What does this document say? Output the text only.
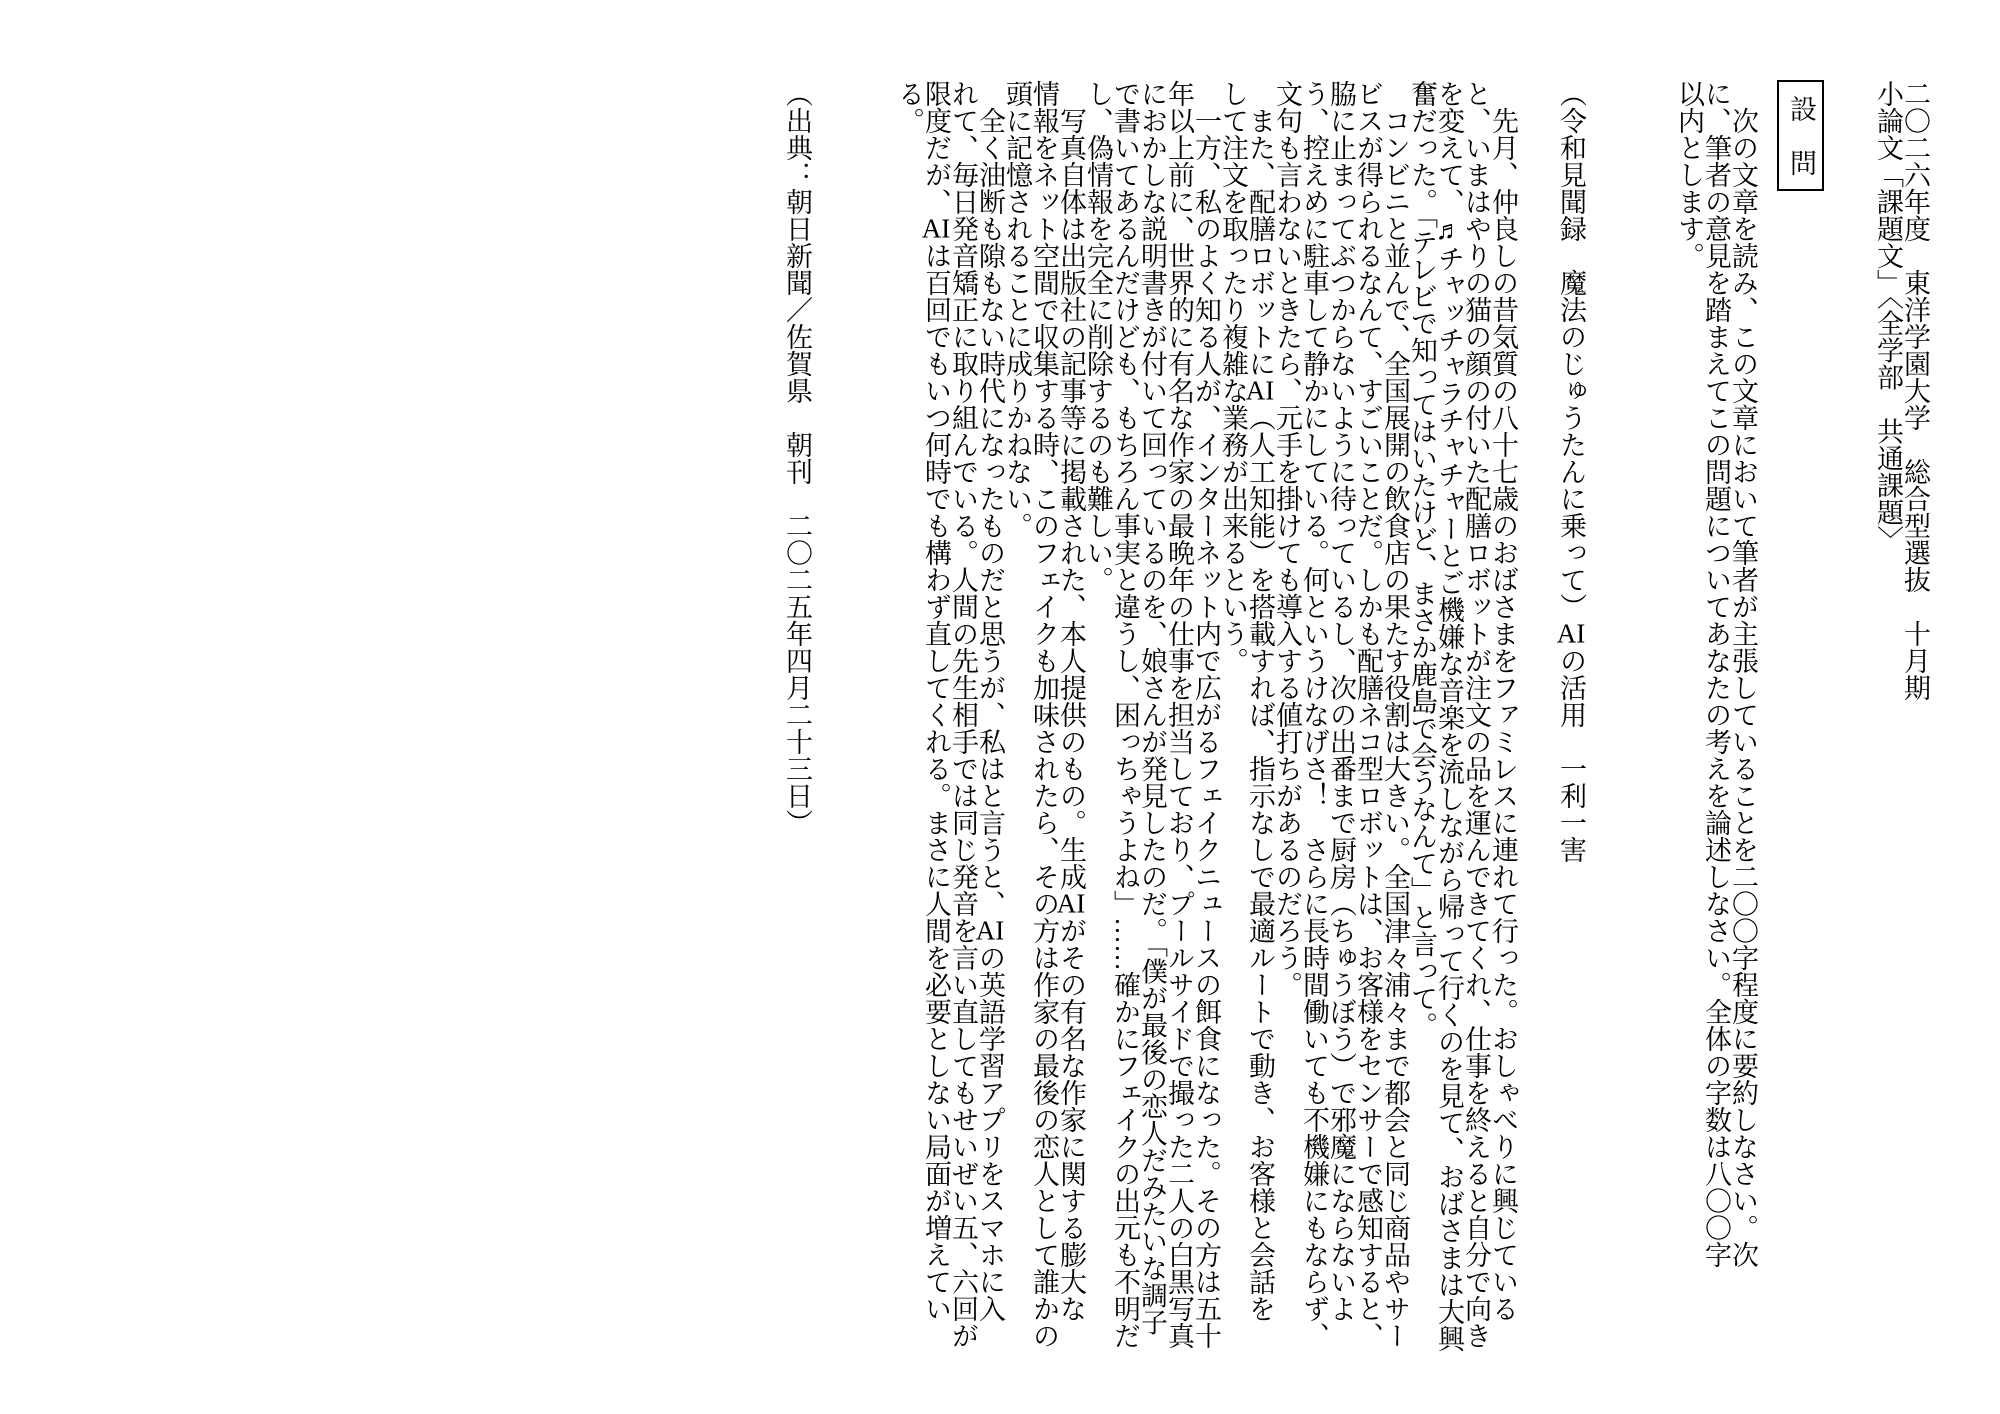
二〇二六年度　東洋学園大学　総合型選抜　十月期

小論文「課題文」〈全学部　共通課題〉

設　問

　次の文章を読み、この文章において筆者が主張していることを二〇〇字程度に要約しなさい。次

に、筆者の意見を踏まえてこの問題についてあなたの考えを論述しなさい。全体の字数は八〇〇字

以内とします。

（令和見聞録　魔法のじゅうたんに乗って）AIの活用　一利一害

　先月、仲良しの昔気質の八十七歳のおばさまをファミレスに連れて行った。おしゃべりに興じている

と、いまはやりの猫の顔の付いた配膳ロボットが注文の品を運んできてくれ、仕事を終えると自分で向き

を変えて、♬チャッチャラチャチャーとご機嫌な音楽を流しながら帰って行くのを見て、おばさまは大興

奮だった。「テレビで知ってはいたけど、まさか鹿島で会うなんて」と言って。

　コンビニと並んで、全国展開の飲食店の果たす役割は大きい。全国津々浦々まで都会と同じ商品やサー

ビスが得られるなんて、すごいことだ。しかも配膳ネコ型ロボットは、お客様をセンサーで感知すると、

脇に止まってぶつからないように待っているし、次の出番まで厨房（ちゅうぼう）で邪魔にならないよ

う、控えめに駐車して静かにしている。何というけなげさ！　さらに長時間働いても不機嫌にもならず、

文句も言わないときたら、元手を掛けても導入する値打ちがあるのだろう。

　また、配膳ロボットにAI（人工知能）を搭載すれば、指示なしで最適ルートで動き、お客様と会話を

して注文を取ったり複雑な業務が出来るという。

　一方、私のよく知る人が、インターネット内で広がるフェイクニュースの餌食になった。その方は五十

年以上前に、世界的に有名な作家の最晩年の仕事を担当しており、プールサイドで撮った二人の白黒写真

におかしな説明書きが付いて回っているのを、娘さんが発見したのだ。「僕が最後の恋人だみたいな調子

で書いてあるんだけども、もちろん事実と違うし、困っちゃうよね」……確かにフェイクの出元も不明だ

し、偽情報を完全に削除するのも難しい。

　写真自体は出版社の記事等に掲載された、本人提供のもの。生成AIがその有名な作家に関する膨大な

情報をネット空間で収集する時、このフェイクも加味されたら、その方は作家の最後の恋人として誰かの

頭に記憶されることに成りかねない。

　全く油断も隙もない時代になったものだと思うが、私はと言うと、AIの英語学習アプリをスマホに入

れて、毎日発音矯正に取り組んでいる。人間の先生相手では同じ発音を言い直してもせいぜい五、六回が

限度だが、AIは百回でもいつ何時でも構わず直してくれる。まさに人間を必要としない局面が増えてい

る。

（出典：朝日新聞／佐賀県　朝刊　二〇二五年四月二十三日）
